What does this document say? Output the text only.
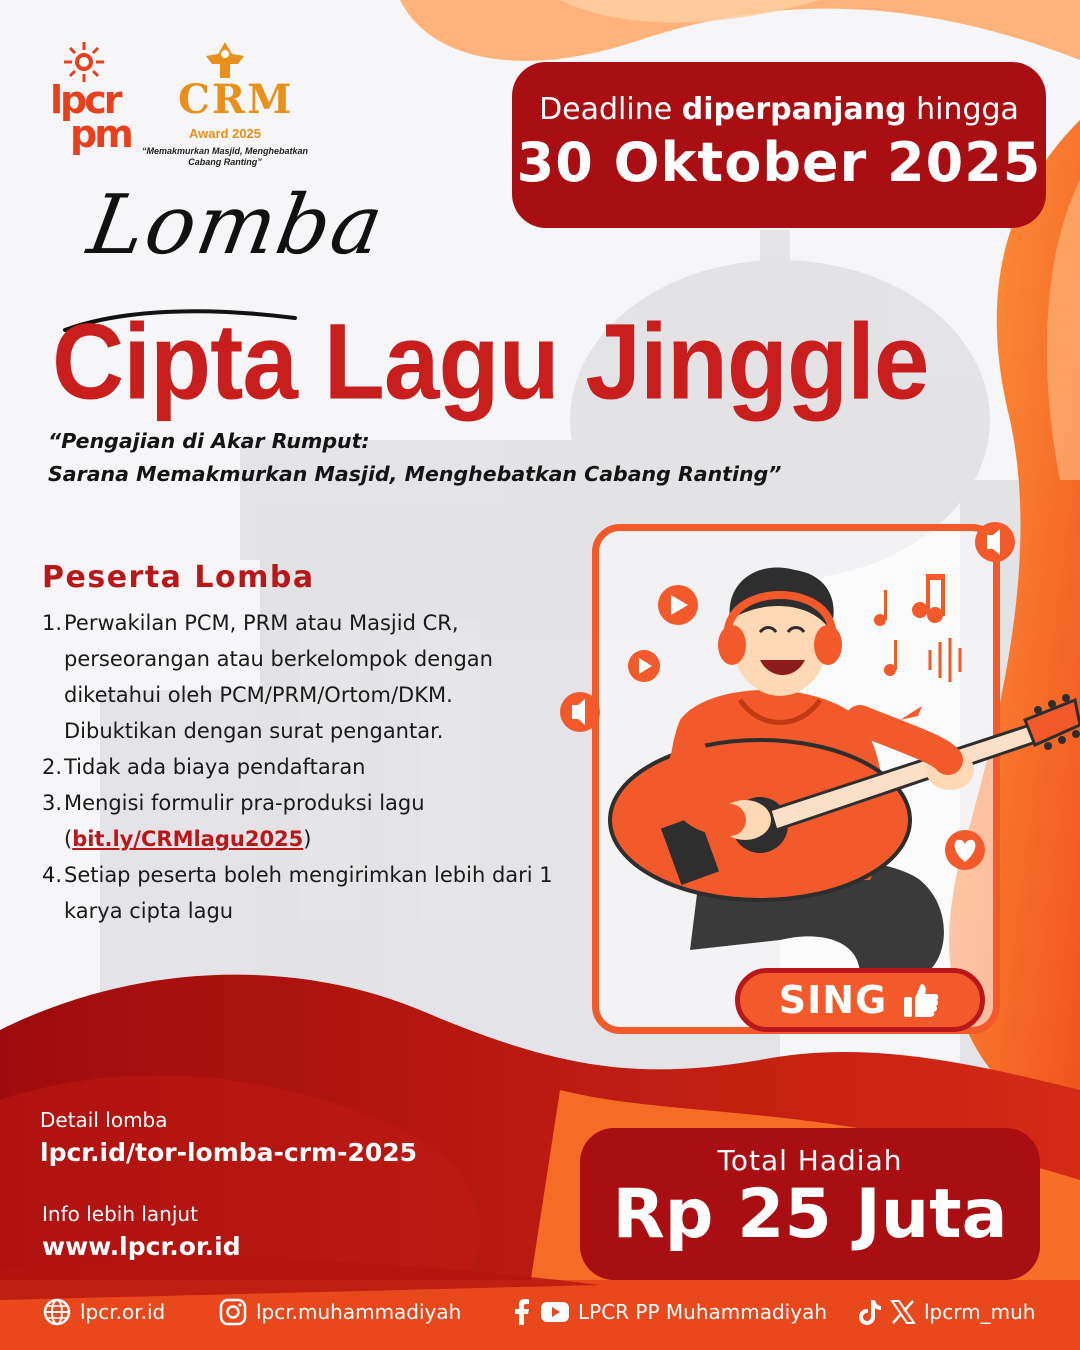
lpcr
pm
CRM
Award 2025
“Memakmurkan Masjid, Menghebatkan Cabang Ranting”
Deadline diperpanjang hingga
30 Oktober 2025
Lomba
Cipta Lagu Jinggle
“Pengajian di Akar Rumput:
Sarana Memakmurkan Masjid, Menghebatkan Cabang Ranting”
Peserta Lomba
1. Perwakilan PCM, PRM atau Masjid CR, perseorangan atau berkelompok dengan diketahui oleh PCM/PRM/Ortom/DKM. Dibuktikan dengan surat pengantar.
2. Tidak ada biaya pendaftaran
3. Mengisi formulir pra-produksi lagu
(bit.ly/CRMlagu2025)
4. Setiap peserta boleh mengirimkan lebih dari 1 karya cipta lagu
SING
Detail lomba
lpcr.id/tor-lomba-crm-2025
Info lebih lanjut
www.lpcr.or.id
Total Hadiah
Rp 25 Juta
lpcr.or.id	lpcr.muhammadiyah	LPCR PP Muhammadiyah	lpcrm_muh
